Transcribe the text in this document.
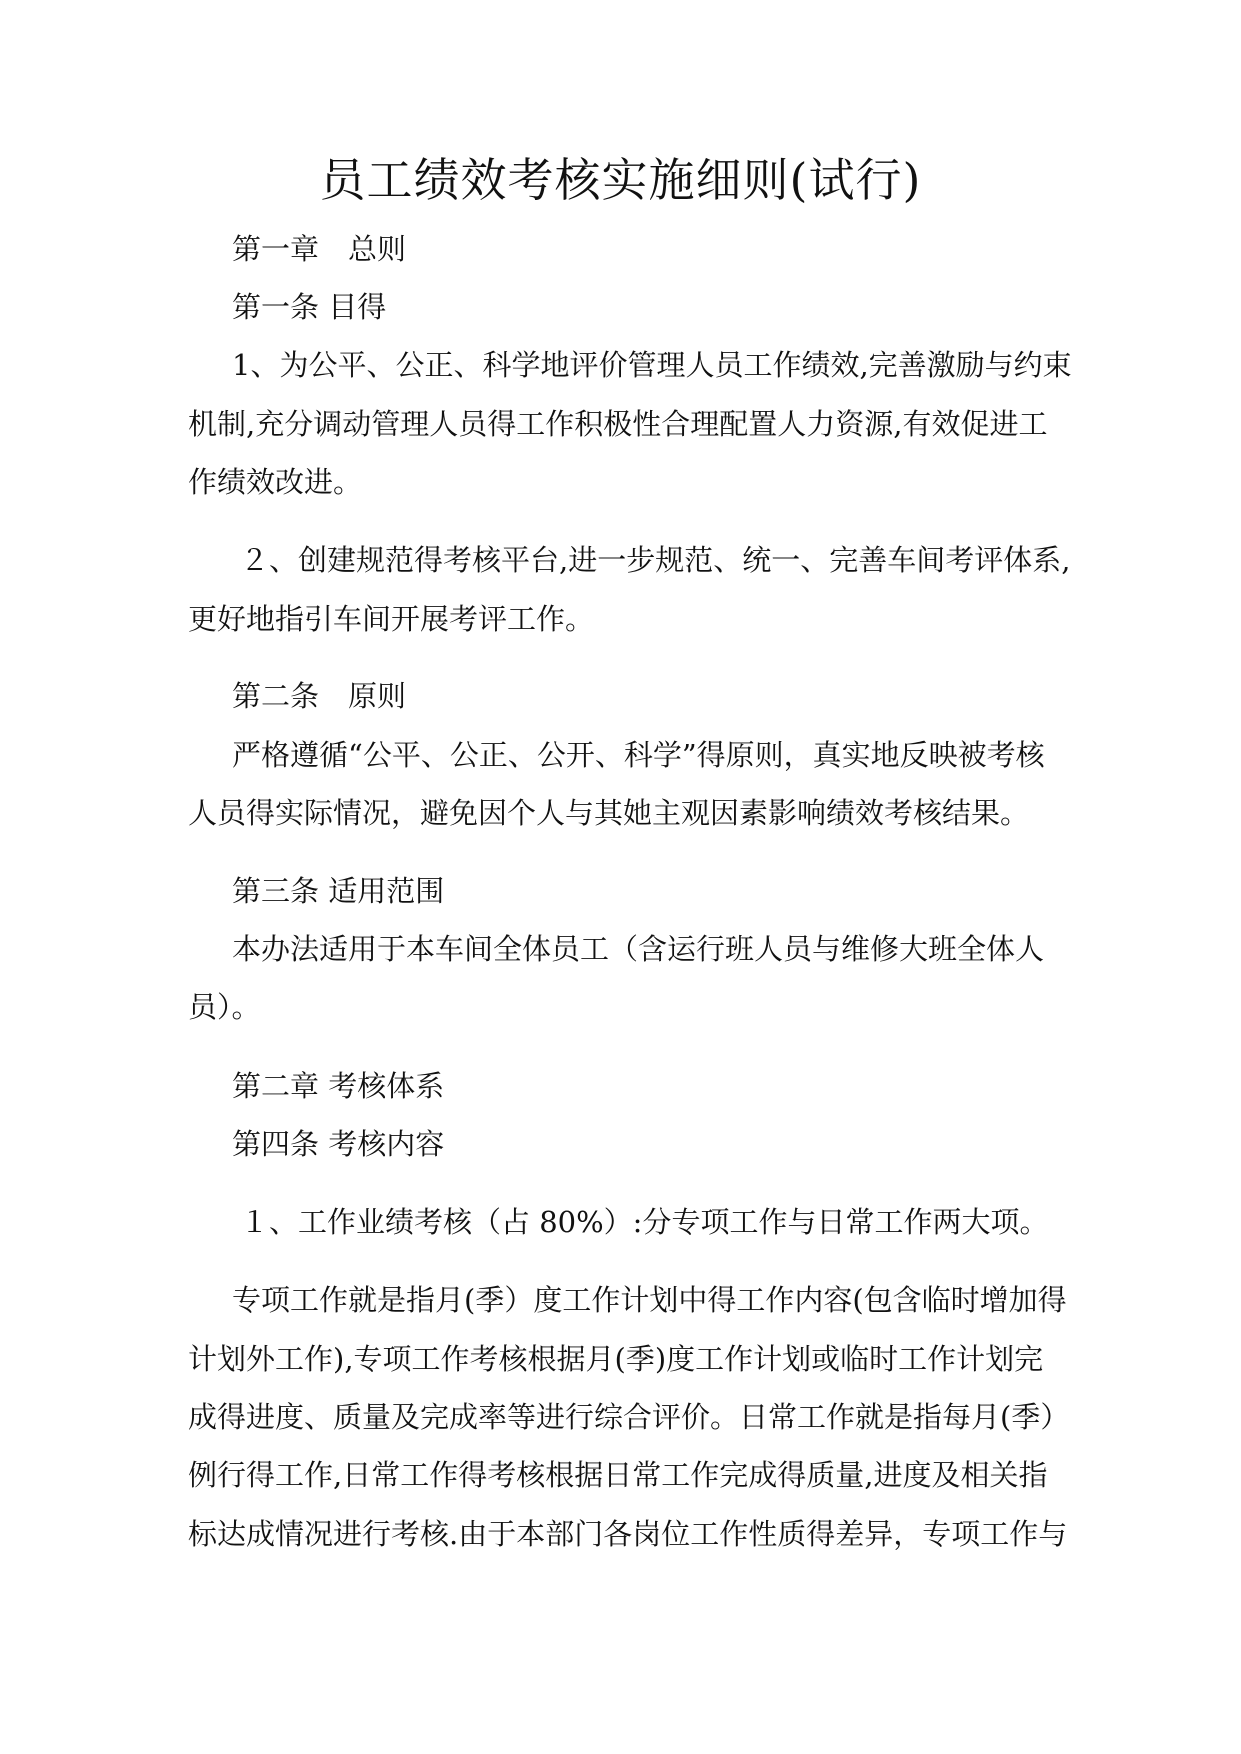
员工绩效考核实施细则(试行)
第一章　总则
第一条 目得
1、为公平、公正、科学地评价管理人员工作绩效,完善激励与约束
机制,充分调动管理人员得工作积极性合理配置人力资源,有效促进工
作绩效改进。
２、创建规范得考核平台,进一步规范、统一、完善车间考评体系,
更好地指引车间开展考评工作。
第二条　原则
严格遵循“公平、公正、公开、科学”得原则，真实地反映被考核
人员得实际情况，避免因个人与其她主观因素影响绩效考核结果。
第三条 适用范围
本办法适用于本车间全体员工（含运行班人员与维修大班全体人
员）。
第二章 考核体系
第四条 考核内容
１、工作业绩考核（占 80%）:分专项工作与日常工作两大项。
专项工作就是指月(季）度工作计划中得工作内容(包含临时增加得
计划外工作),专项工作考核根据月(季)度工作计划或临时工作计划完
成得进度、质量及完成率等进行综合评价。日常工作就是指每月(季）
例行得工作,日常工作得考核根据日常工作完成得质量,进度及相关指
标达成情况进行考核.由于本部门各岗位工作性质得差异，专项工作与
